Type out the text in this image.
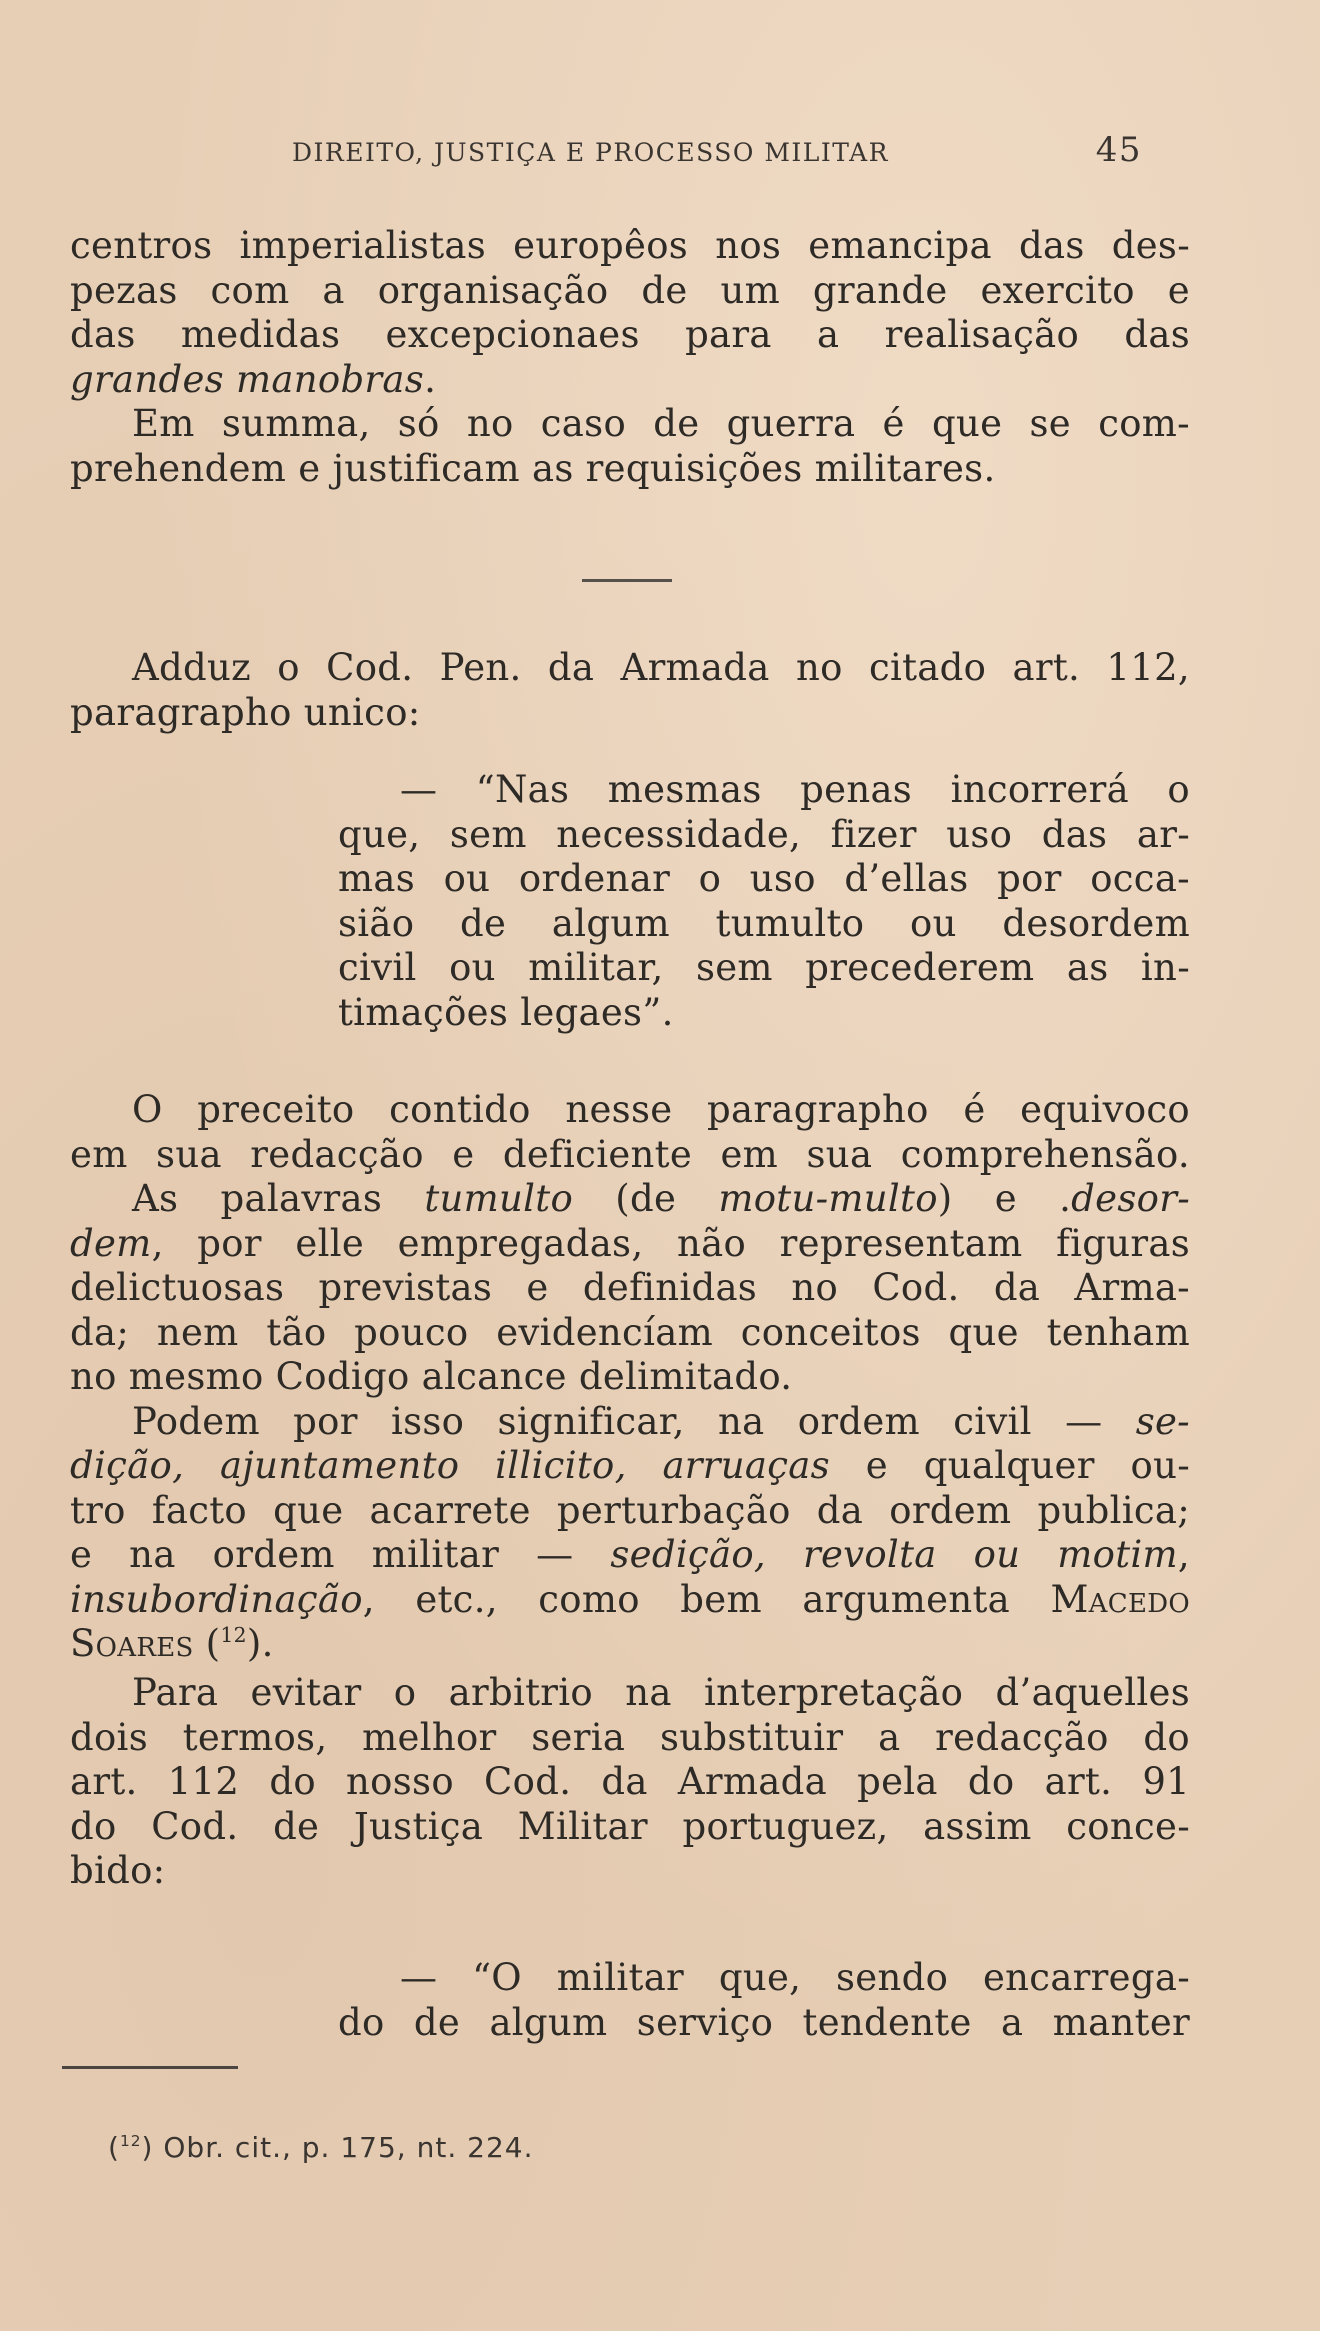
DIREITO, JUSTIÇA E PROCESSO MILITAR	45
centros imperialistas europêos nos emancipa das des-
pezas com a organisação de um grande exercito e
das medidas excepcionaes para a realisação das
grandes manobras.
Em summa, só no caso de guerra é que se com-
prehendem e justificam as requisições militares.
Adduz o Cod. Pen. da Armada no citado art. 112,
paragrapho unico:
— “Nas mesmas penas incorrerá o
que, sem necessidade, fizer uso das ar-
mas ou ordenar o uso d’ellas por occa-
sião de algum tumulto ou desordem
civil ou militar, sem precederem as in-
timações legaes”.
O preceito contido nesse paragrapho é equivoco
em sua redacção e deficiente em sua comprehensão.
As palavras tumulto (de motu-multo) e .desor-
dem, por elle empregadas, não representam figuras
delictuosas previstas e definidas no Cod. da Arma-
da; nem tão pouco evidencíam conceitos que tenham
no mesmo Codigo alcance delimitado.
Podem por isso significar, na ordem civil — se-
dição, ajuntamento illicito, arruaças e qualquer ou-
tro facto que acarrete perturbação da ordem publica;
e na ordem militar — sedição, revolta ou motim,
insubordinação, etc., como bem argumenta Macedo
Soares ($^{12}$).
Para evitar o arbitrio na interpretação d’aquelles
dois termos, melhor seria substituir a redacção do
art. 112 do nosso Cod. da Armada pela do art. 91
do Cod. de Justiça Militar portuguez, assim conce-
bido:
— “O militar que, sendo encarrega-
do de algum serviço tendente a manter
($^{12}$) Obr. cit., p. 175, nt. 224.
